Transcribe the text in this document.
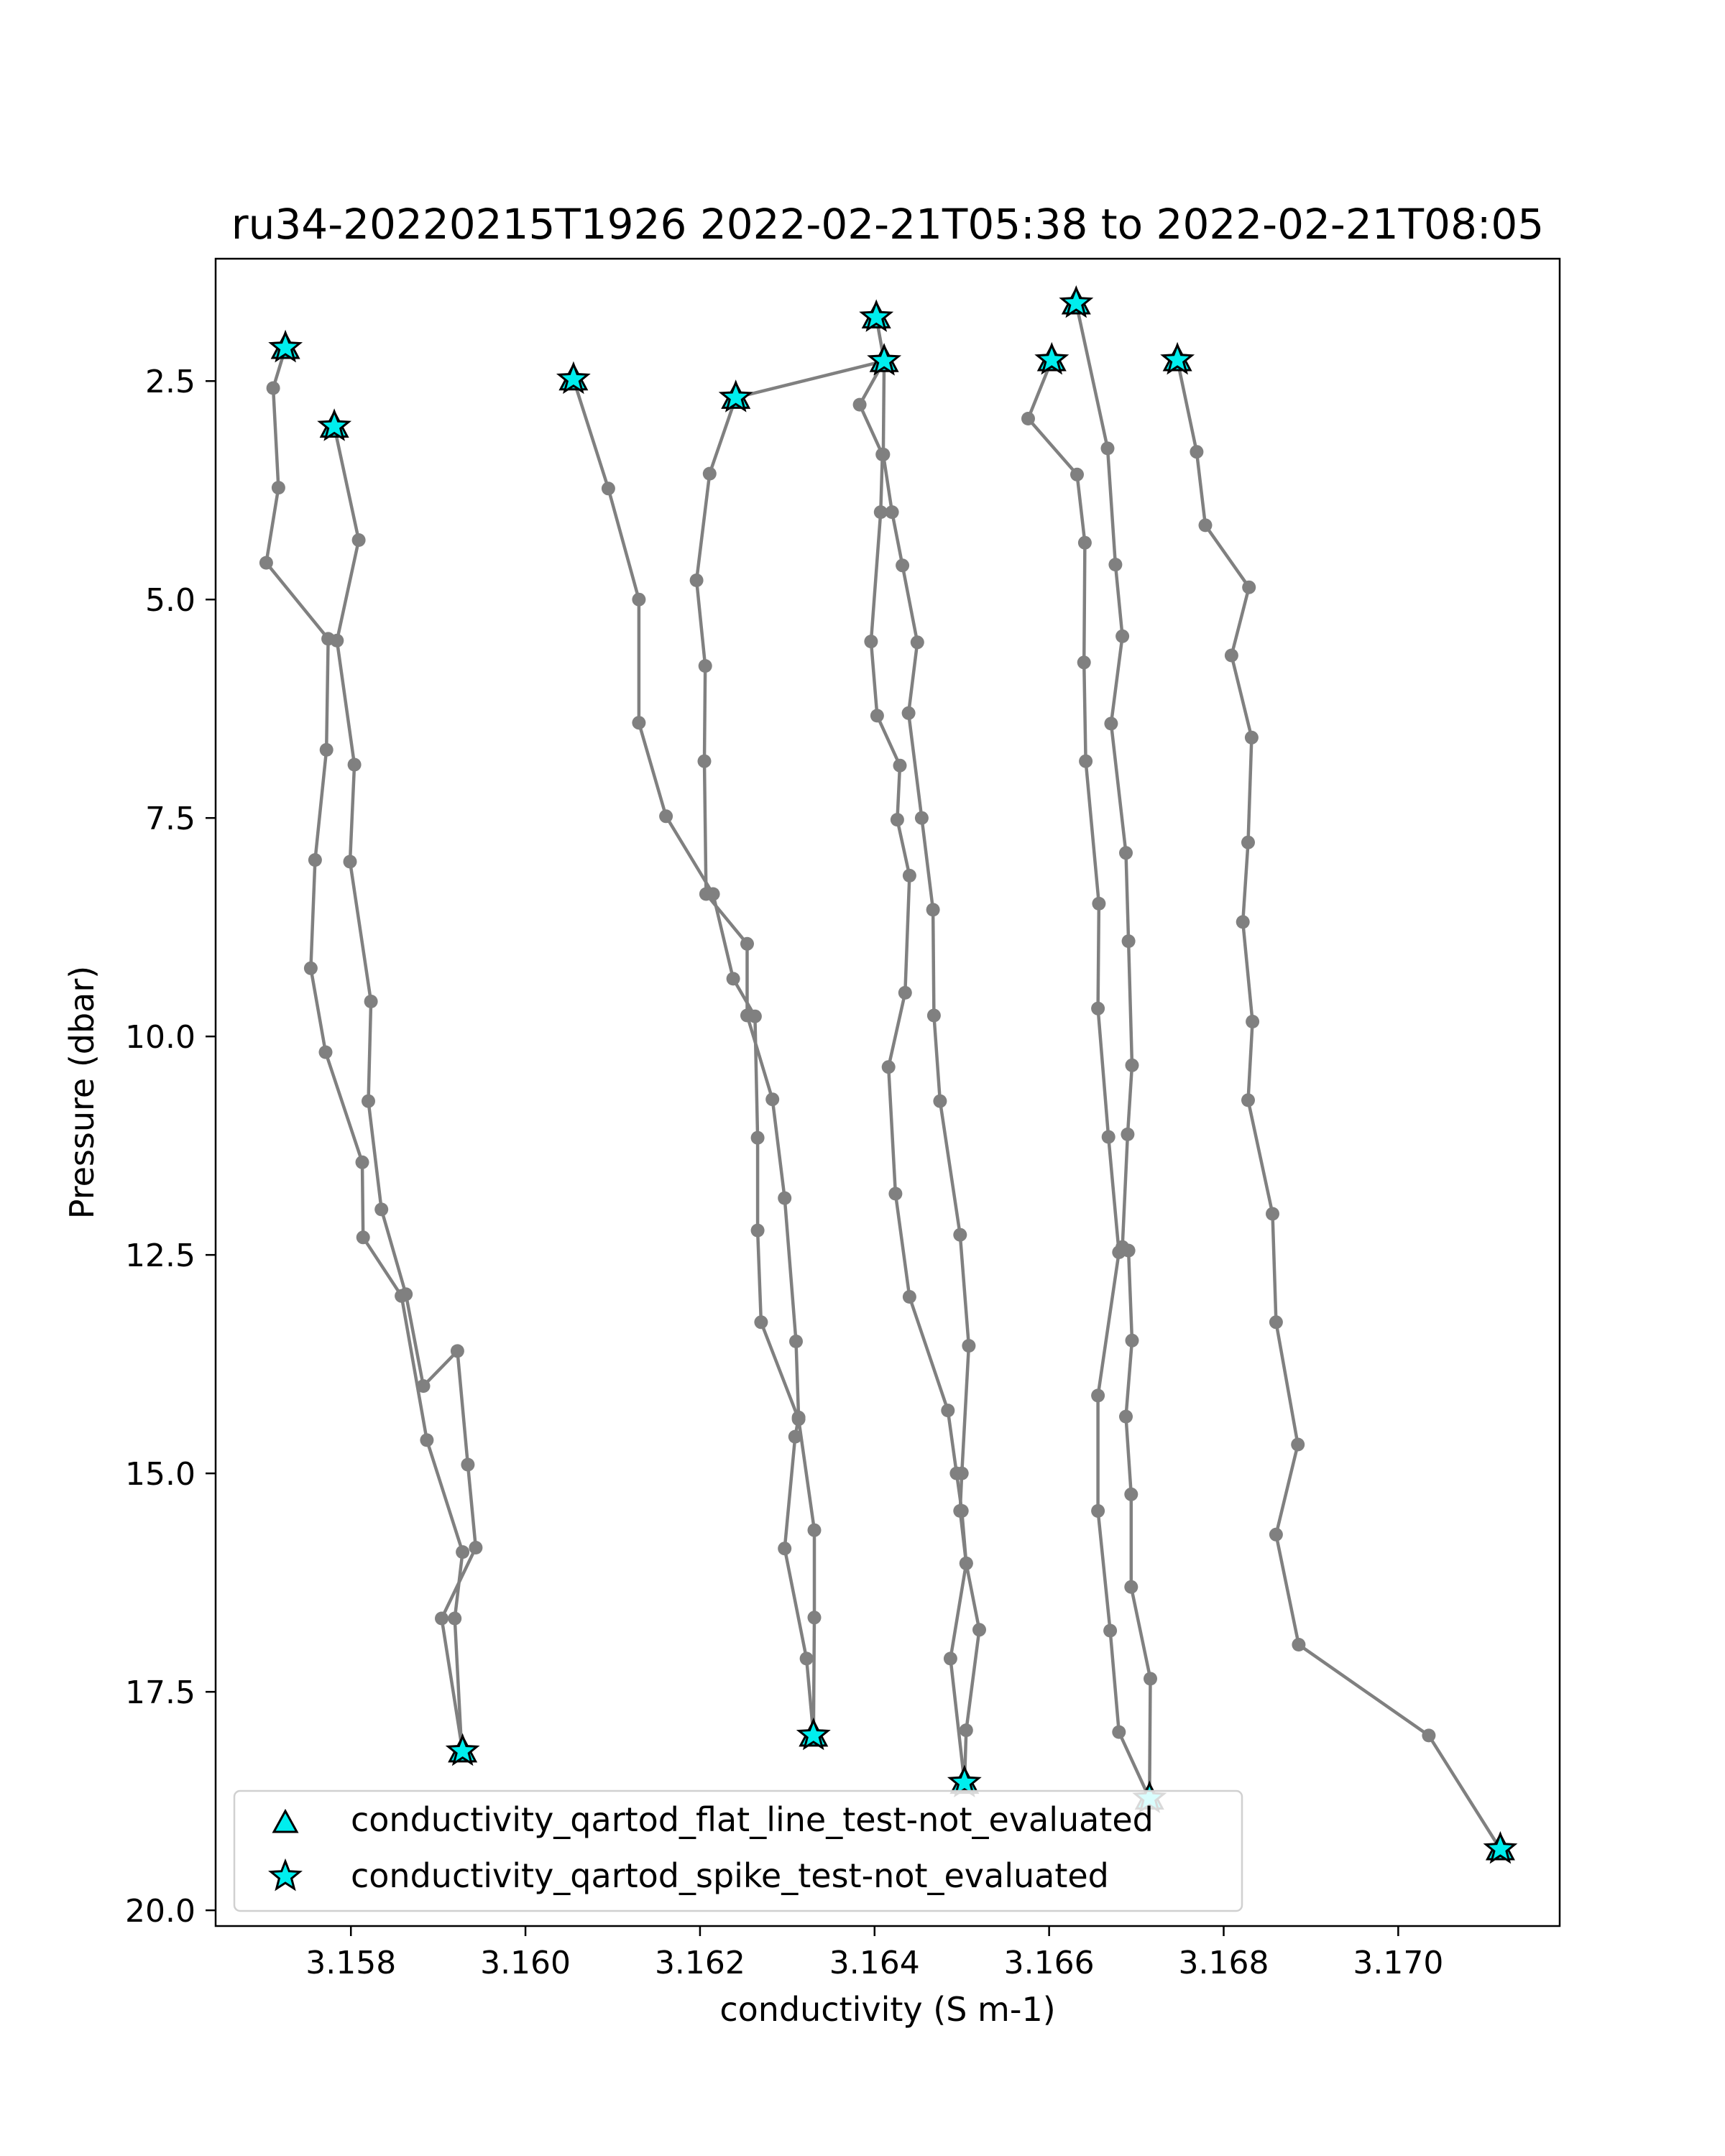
ru34-20220215T1926 2022-02-21T05:38 to 2022-02-21T08:05
3.158	3.160	3.162	3.164	3.166	3.168	3.170
2.5
5.0
7.5
10.0
12.5
15.0
17.5
20.0
conductivity (S m-1)
Pressure (dbar)
conductivity_qartod_flat_line_test-not_evaluated
conductivity_qartod_spike_test-not_evaluated
